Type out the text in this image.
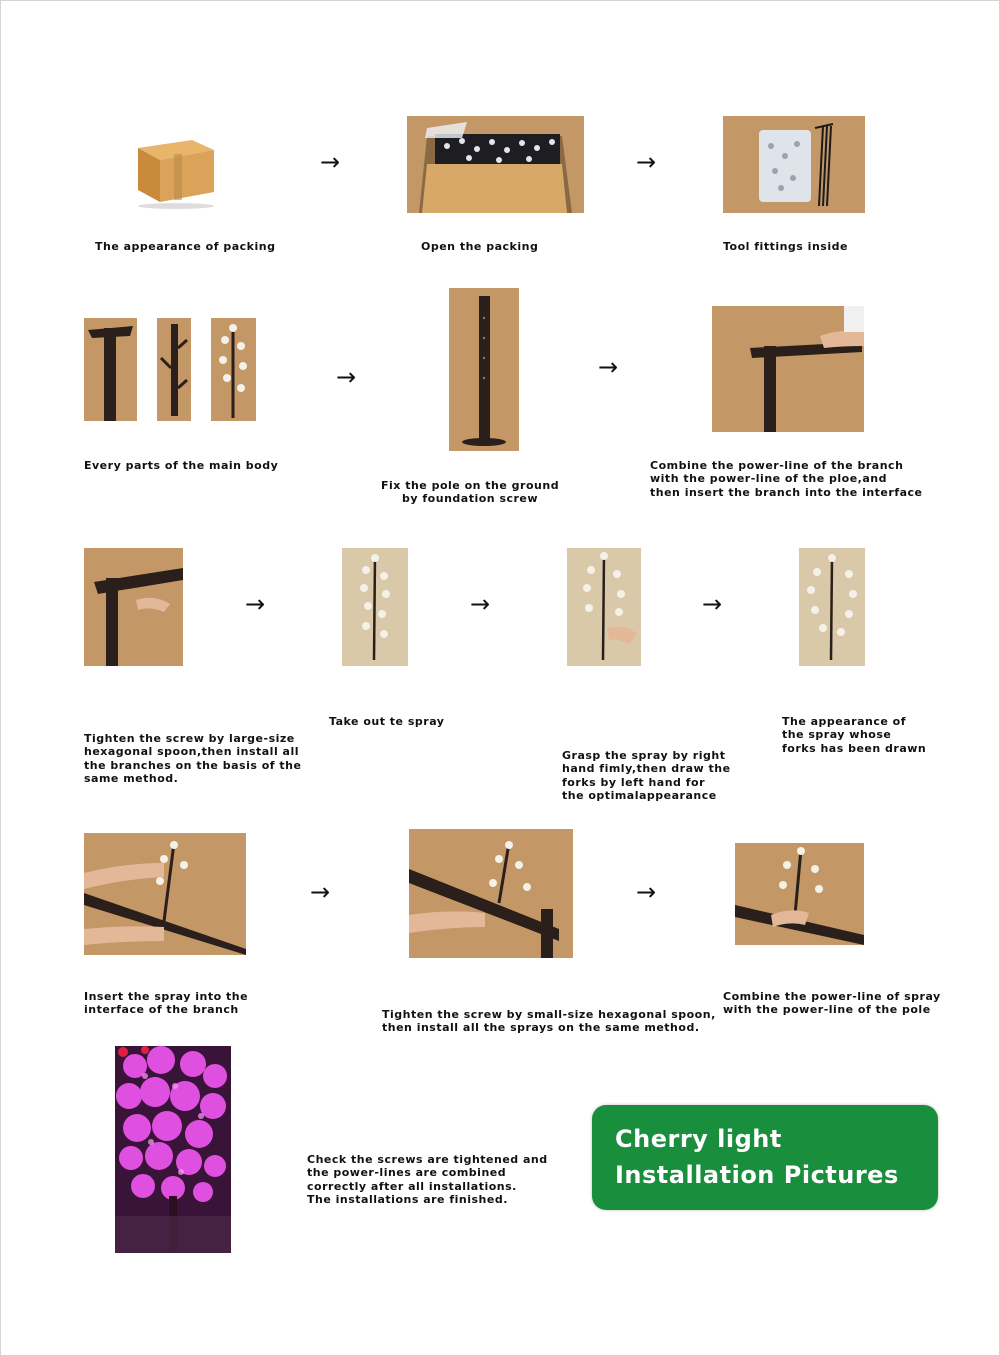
→	→
The appearance of packing	Open the packing	Tool fittings inside
→	→
Every parts of the main body
Fix the pole on the ground
by foundation screw
Combine the power-line of the branch
with the power-line of the ploe,and
then insert the branch into the interface
→	→	→
Tighten the screw by large-size
hexagonal spoon,then install all
the branches on the basis of the
same method.
Take out te spray
Grasp the spray by right
hand fimly,then draw the
forks by left hand for
the optimalappearance
The appearance of
the spray whose
forks has been drawn
→	→
Insert the spray into the
interface of the branch	Tighten the screw by small-size hexagonal spoon,
then install all the sprays on the same method.
Combine the power-line of spray
with the power-line of the pole
Check the screws are tightened and
the power-lines are combined
correctly after all installations.
The installations are finished.
Cherry light
Installation Pictures
